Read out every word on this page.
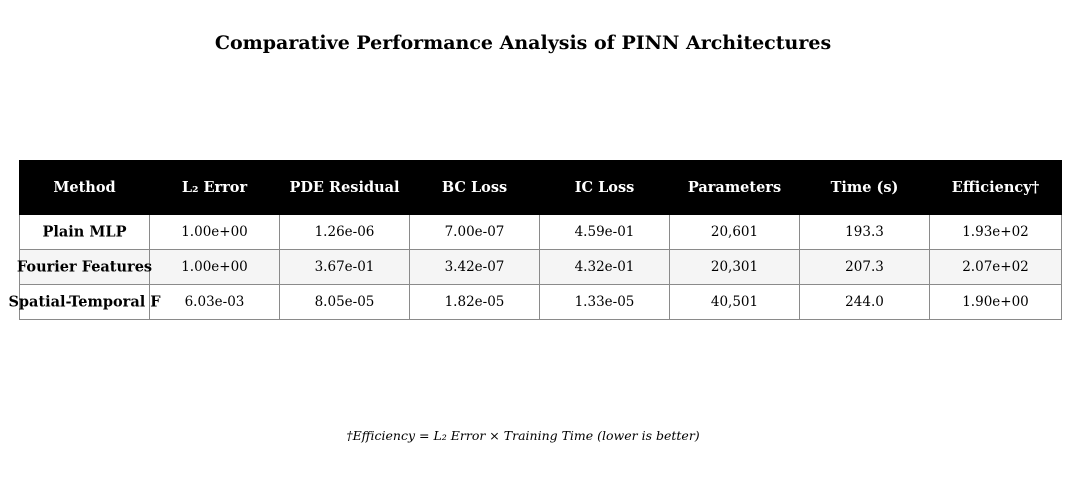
Comparative Performance Analysis of PINN Architectures
Method	L₂ Error	PDE Residual	BC Loss	IC Loss	Parameters	Time (s)	Efficiency†

Plain MLP	1.00e+00	1.26e-06	7.00e-07	4.59e-01	20,601	193.3	1.93e+02

Fourier Features	1.00e+00	3.67e-01	3.42e-07	4.32e-01	20,301	207.3	2.07e+02

Spatial-Temporal F	6.03e-03	8.05e-05	1.82e-05	1.33e-05	40,501	244.0	1.90e+00
†Efficiency = L₂ Error × Training Time (lower is better)
